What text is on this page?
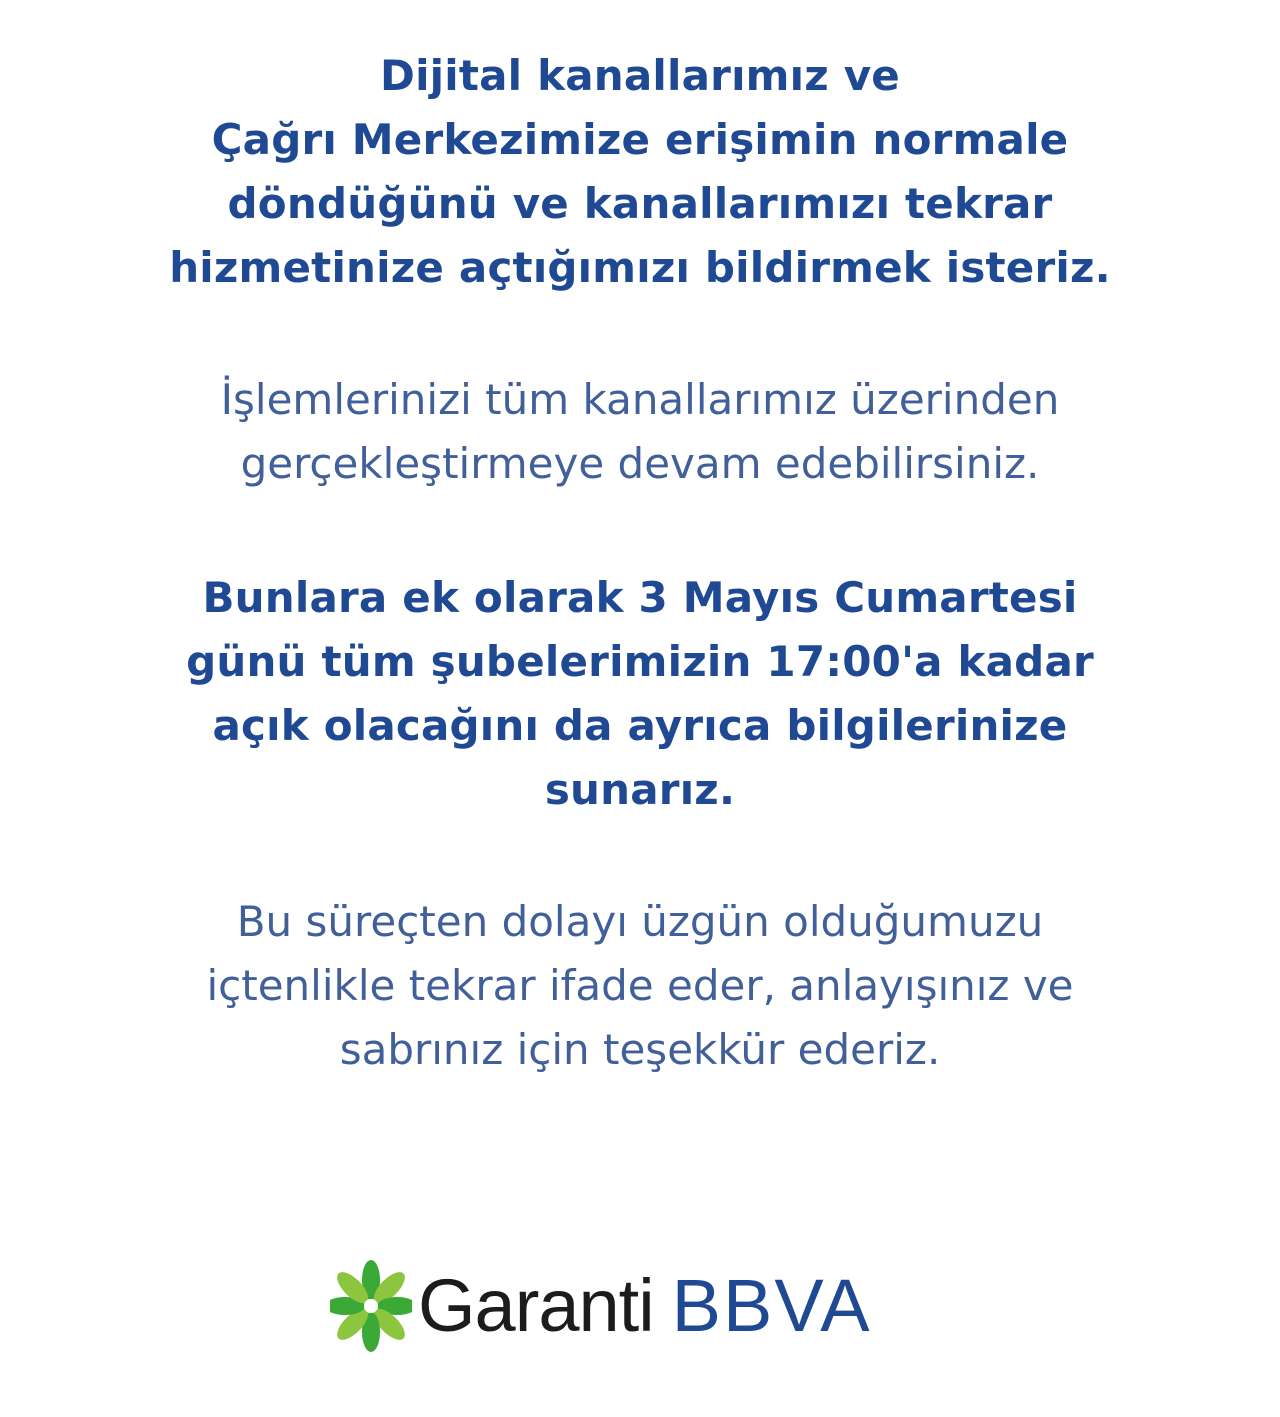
Dijital kanallarımız ve
Çağrı Merkezimize erişimin normale
döndüğünü ve kanallarımızı tekrar
hizmetinize açtığımızı bildirmek isteriz.
İşlemlerinizi tüm kanallarımız üzerinden
gerçekleştirmeye devam edebilirsiniz.
Bunlara ek olarak 3 Mayıs Cumartesi
günü tüm şubelerimizin 17:00'a kadar
açık olacağını da ayrıca bilgilerinize
sunarız.
Bu süreçten dolayı üzgün olduğumuzu
içtenlikle tekrar ifade eder, anlayışınız ve
sabrınız için teşekkür ederiz.
Garanti BBVA
